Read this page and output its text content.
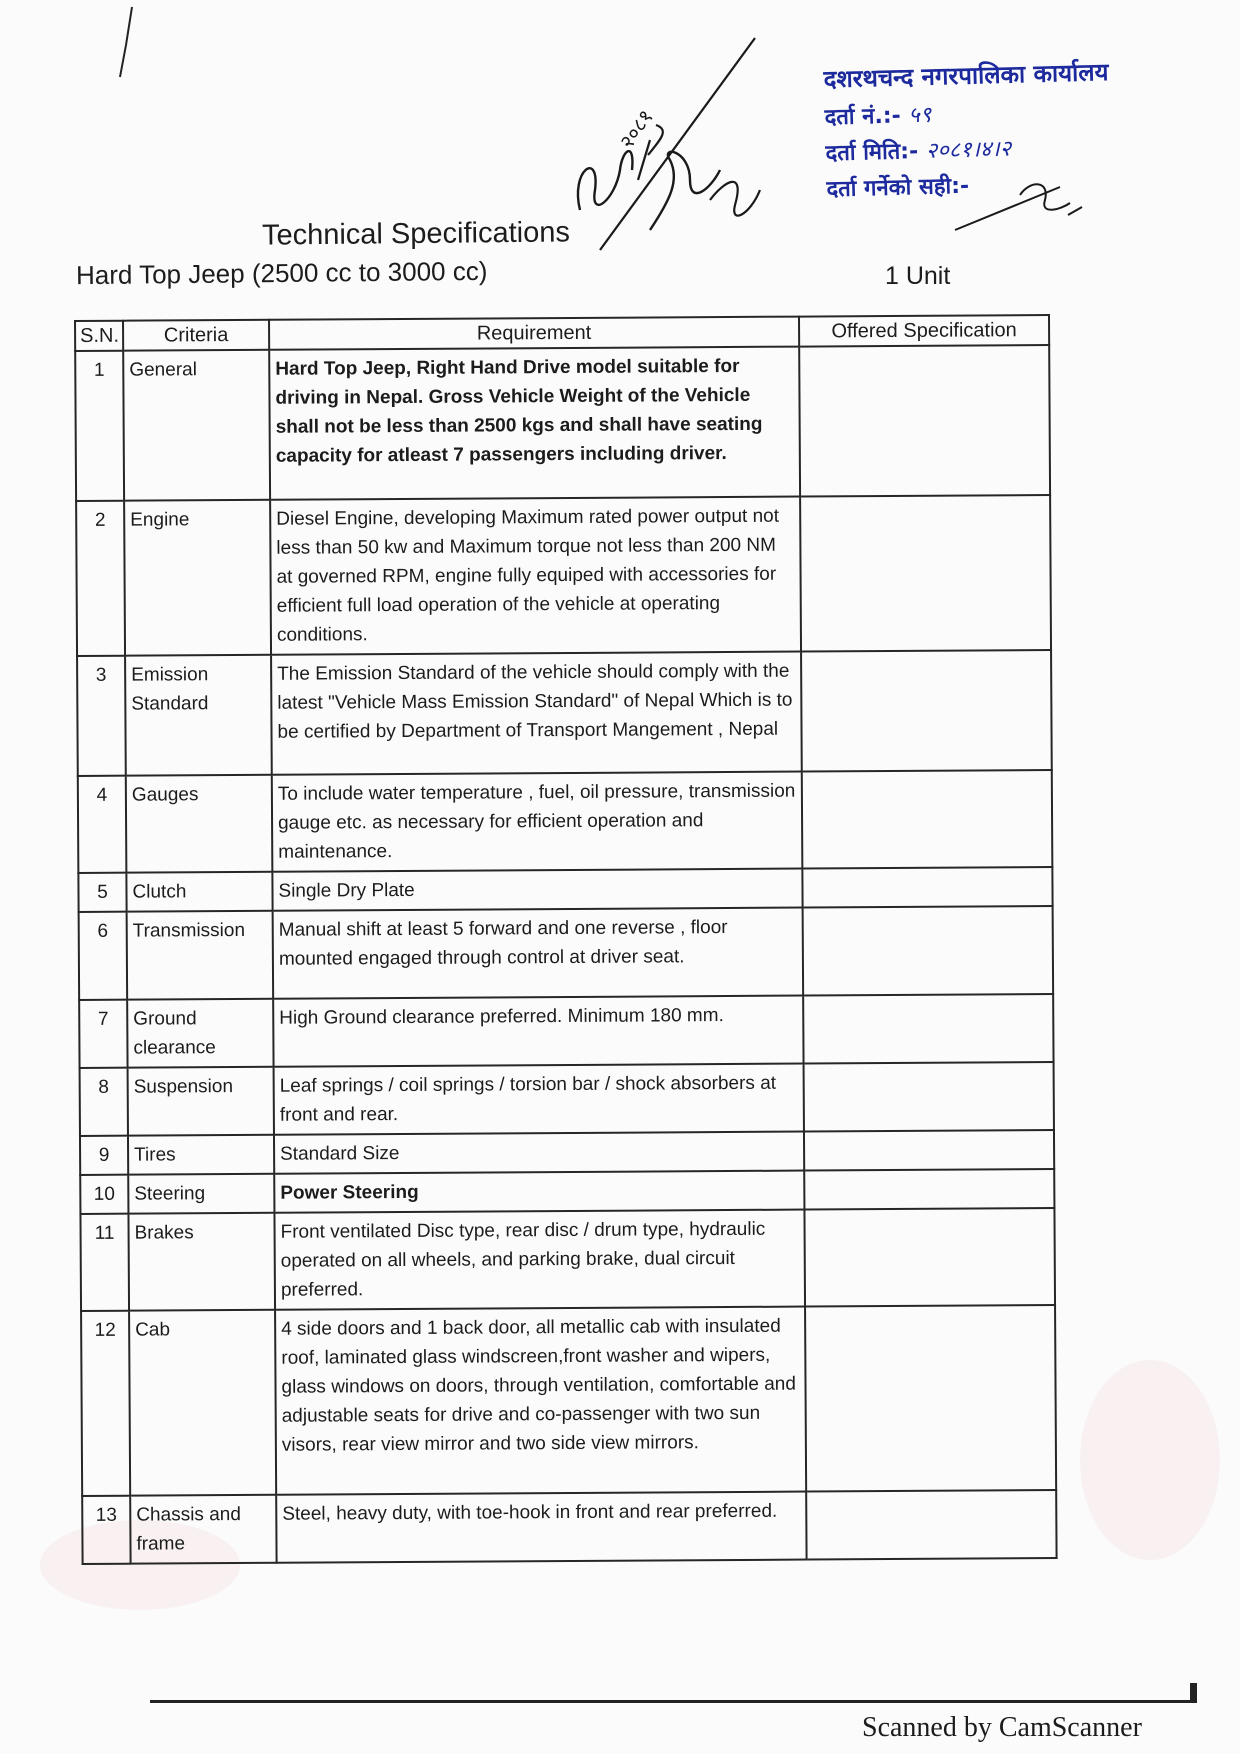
२०८१
दशरथचन्द नगरपालिका कार्यालय
दर्ता नं.:- ५९
दर्ता मिति:- २०८१।४।२
दर्ता गर्नेको सही:-
Technical Specifications
Hard Top Jeep (2500 cc to 3000 cc)	1 Unit
S.N.	Criteria	Requirement	Offered Specification
1	General	Hard Top Jeep, Right Hand Drive model suitable for driving in Nepal. Gross Vehicle Weight of the Vehicle shall not be less than 2500 kgs and shall have seating capacity for atleast 7 passengers including driver.	
2	Engine	Diesel Engine, developing Maximum rated power output not less than 50 kw and Maximum torque not less than 200 NM at governed RPM, engine fully equiped with accessories for efficient full load operation of the vehicle at operating conditions.	
3	Emission Standard	The Emission Standard of the vehicle should comply with the latest "Vehicle Mass Emission Standard" of Nepal Which is to be certified by Department of Transport Mangement , Nepal	
4	Gauges	To include water temperature , fuel, oil pressure, transmission gauge etc. as necessary for efficient operation and maintenance.	
5	Clutch	Single Dry Plate	
6	Transmission	Manual shift at least 5 forward and one reverse , floor mounted engaged through control at driver seat.	
7	Ground clearance	High Ground clearance preferred. Minimum 180 mm.	
8	Suspension	Leaf springs / coil springs / torsion bar / shock absorbers at front and rear.	
9	Tires	Standard Size	
10	Steering	Power Steering	
11	Brakes	Front ventilated Disc type, rear disc / drum type, hydraulic operated on all wheels, and parking brake, dual circuit preferred.	
12	Cab	4 side doors and 1 back door, all metallic cab with insulated roof, laminated glass windscreen,front washer and wipers, glass windows on doors, through ventilation, comfortable and adjustable seats for drive and co-passenger with two sun visors, rear view mirror and two side view mirrors.	
13	Chassis and frame	Steel, heavy duty, with toe-hook in front and rear preferred.	
Scanned by CamScanner
